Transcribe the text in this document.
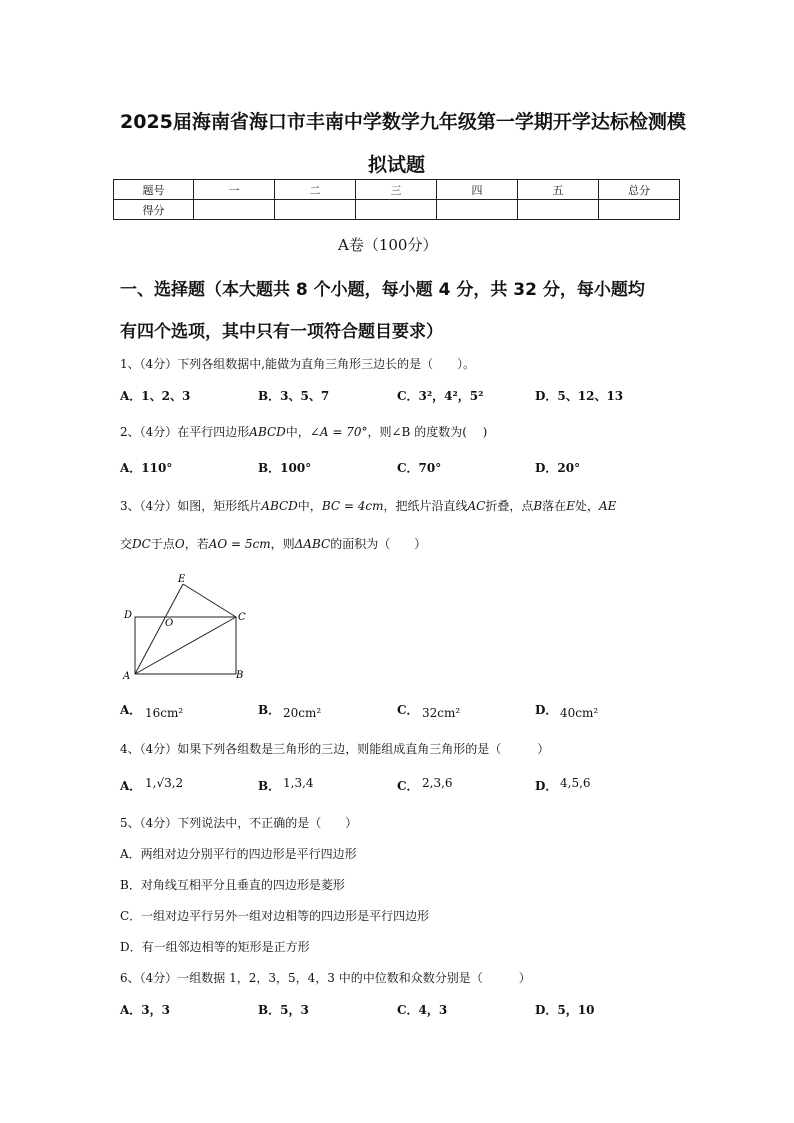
2025届海南省海口市丰南中学数学九年级第一学期开学达标检测模
拟试题
题号	一	二	三	四	五	总分
得分						
A卷（100分）
一、选择题（本大题共 8 个小题，每小题 4 分，共 32 分，每小题均
有四个选项，其中只有一项符合题目要求）
1、（4分）下列各组数据中,能做为直角三角形三边长的是（　　）。
A．1、2、3	B．3、5、7	C．3²，4²，5²	D．5、12、13
2、（4分）在平行四边形ABCD中，∠A = 70°，则∠B 的度数为(　 )
A．110°	B．100°	C．70°	D．20°
3、（4分）如图，矩形纸片ABCD中，BC = 4cm，把纸片沿直线AC折叠，点B落在E处，AE
交DC于点O，若AO = 5cm，则ΔABC的面积为（　　）
A	B
C
D
E
O
A． 16cm²	B． 20cm²	C． 32cm²	D． 40cm²
4、（4分）如果下列各组数是三角形的三边，则能组成直角三角形的是（　　　）
A． 1,√3,2	B． 1,3,4	C． 2,3,6	D． 4,5,6
5、（4分）下列说法中，不正确的是（　　）
A．两组对边分别平行的四边形是平行四边形
B．对角线互相平分且垂直的四边形是菱形
C．一组对边平行另外一组对边相等的四边形是平行四边形
D．有一组邻边相等的矩形是正方形
6、（4分）一组数据 1，2，3，5，4，3 中的中位数和众数分别是（　　　）
A．3，3	B．5，3	C．4，3	D．5，10
